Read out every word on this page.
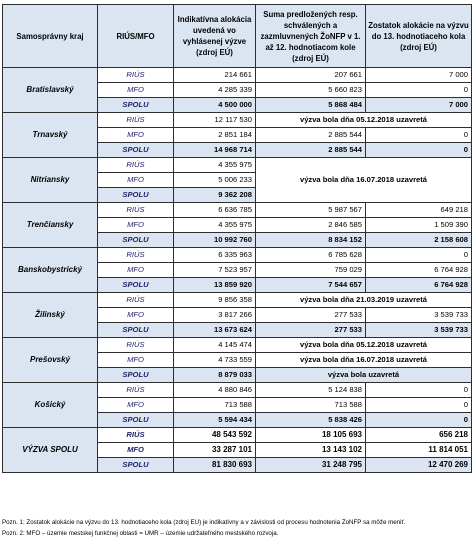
Samosprávny kraj	RIÚS/MFO	Indikatívna alokácia uvedená vo vyhlásenej výzve (zdroj EÚ)	Suma predložených resp. schválených a zazmluvnených ŽoNFP v 1. až 12. hodnotiacom kole (zdroj EÚ)	Zostatok alokácie na výzvu do 13. hodnotiaceho kola (zdroj EÚ)
Bratislavský	RIÚS	214 661	207 661	7 000
	MFO	4 285 339	5 660 823	0
	SPOLU	4 500 000	5 868 484	7 000
Trnavský	RIÚS	12 117 530	výzva bola dňa 05.12.2018 uzavretá	
	MFO	2 851 184	2 885 544	0
	SPOLU	14 968 714	2 885 544	0
Nitriansky	RIÚS	4 355 975	výzva bola dňa 16.07.2018 uzavretá	
	MFO	5 006 233		
	SPOLU	9 362 208		
Trenčiansky	RIÚS	6 636 785	5 987 567	649 218
	MFO	4 355 975	2 846 585	1 509 390
	SPOLU	10 992 760	8 834 152	2 158 608
Banskobystrický	RIÚS	6 335 963	6 785 628	0
	MFO	7 523 957	759 029	6 764 928
	SPOLU	13 859 920	7 544 657	6 764 928
Žilinský	RIÚS	9 856 358	výzva bola dňa 21.03.2019 uzavretá	
	MFO	3 817 266	277 533	3 539 733
	SPOLU	13 673 624	277 533	3 539 733
Prešovský	RIÚS	4 145 474	výzva bola dňa 05.12.2018 uzavretá	
	MFO	4 733 559	výzva bola dňa 16.07.2018 uzavretá	
	SPOLU	8 879 033	výzva bola uzavretá	
Košický	RIÚS	4 880 846	5 124 838	0
	MFO	713 588	713 588	0
	SPOLU	5 594 434	5 838 426	0
VÝZVA SPOLU	RIÚS	48 543 592	18 105 693	656 218
	MFO	33 287 101	13 143 102	11 814 051
	SPOLU	81 830 693	31 248 795	12 470 269
Pozn. 1: Zostatok alokácie na výzvu do 13. hodnotiaceho kola (zdroj EÚ) je indikatívny a v závislosti od procesu hodnotenia ŽoNFP sa môže meniť.
Pozn. 2: MFO – územie mestskej funkčnej oblasti = UMR – územie udržateľného mestského rozvoja.
